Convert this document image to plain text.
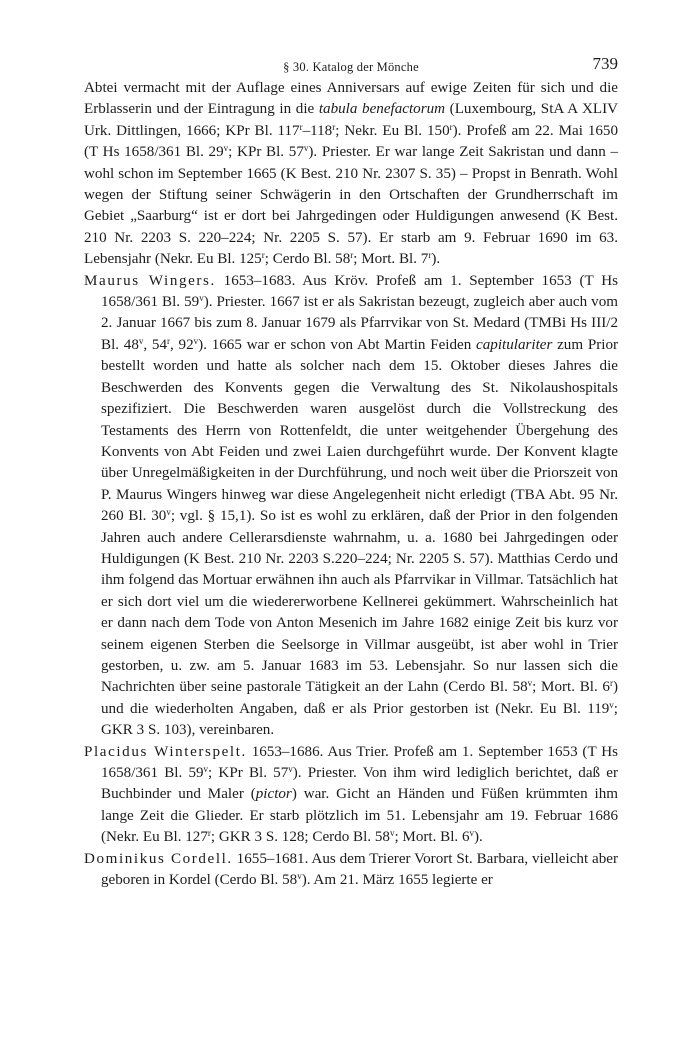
§ 30. Katalog der Mönche	739

Abtei vermacht mit der Auflage eines Anniversars auf ewige Zeiten für sich und die Erblasserin und der Eintragung in die tabula benefactorum (Luxembourg, StA A XLIV Urk. Dittlingen, 1666; KPr Bl. 117$^r$–118$^r$; Nekr. Eu Bl. 150$^r$). Profeß am 22. Mai 1650 (T Hs 1658/361 Bl. 29$^v$; KPr Bl. 57$^v$). Priester. Er war lange Zeit Sakristan und dann – wohl schon im September 1665 (K Best. 210 Nr. 2307 S. 35) – Propst in Benrath. Wohl wegen der Stiftung seiner Schwägerin in den Ortschaften der Grundherrschaft im Gebiet „Saarburg“ ist er dort bei Jahrgedingen oder Huldigungen anwesend (K Best. 210 Nr. 2203 S. 220–224; Nr. 2205 S. 57). Er starb am 9. Februar 1690 im 63. Lebensjahr (Nekr. Eu Bl. 125$^r$; Cerdo Bl. 58$^r$; Mort. Bl. 7$^r$).

Maurus Wingers. 1653–1683. Aus Kröv. Profeß am 1. September 1653 (T Hs 1658/361 Bl. 59$^v$). Priester. 1667 ist er als Sakristan bezeugt, zugleich aber auch vom 2. Januar 1667 bis zum 8. Januar 1679 als Pfarrvikar von St. Medard (TMBi Hs III/2 Bl. 48$^v$, 54$^r$, 92$^v$). 1665 war er schon von Abt Martin Feiden capitulariter zum Prior bestellt worden und hatte als solcher nach dem 15. Oktober dieses Jahres die Beschwerden des Konvents gegen die Verwaltung des St. Nikolaushospitals spezifiziert. Die Beschwerden waren ausgelöst durch die Vollstreckung des Testaments des Herrn von Rottenfeldt, die unter weitgehender Übergehung des Konvents von Abt Feiden und zwei Laien durchgeführt wurde. Der Konvent klagte über Unregelmäßigkeiten in der Durchführung, und noch weit über die Priorszeit von P. Maurus Wingers hinweg war diese Angelegenheit nicht erledigt (TBA Abt. 95 Nr. 260 Bl. 30$^v$; vgl. § 15,1). So ist es wohl zu erklären, daß der Prior in den folgenden Jahren auch andere Cellerarsdienste wahrnahm, u. a. 1680 bei Jahrgedingen oder Huldigungen (K Best. 210 Nr. 2203 S.220–224; Nr. 2205 S. 57). Matthias Cerdo und ihm folgend das Mortuar erwähnen ihn auch als Pfarrvikar in Villmar. Tatsächlich hat er sich dort viel um die wiedererworbene Kellnerei gekümmert. Wahrscheinlich hat er dann nach dem Tode von Anton Mesenich im Jahre 1682 einige Zeit bis kurz vor seinem eigenen Sterben die Seelsorge in Villmar ausgeübt, ist aber wohl in Trier gestorben, u. zw. am 5. Januar 1683 im 53. Lebensjahr. So nur lassen sich die Nachrichten über seine pastorale Tätigkeit an der Lahn (Cerdo Bl. 58$^v$; Mort. Bl. 6$^r$) und die wiederholten Angaben, daß er als Prior gestorben ist (Nekr. Eu Bl. 119$^v$; GKR 3 S. 103), vereinbaren.

Placidus Winterspelt. 1653–1686. Aus Trier. Profeß am 1. September 1653 (T Hs 1658/361 Bl. 59$^v$; KPr Bl. 57$^v$). Priester. Von ihm wird lediglich berichtet, daß er Buchbinder und Maler (pictor) war. Gicht an Händen und Füßen krümmten ihm lange Zeit die Glieder. Er starb plötzlich im 51. Lebensjahr am 19. Februar 1686 (Nekr. Eu Bl. 127$^r$; GKR 3 S. 128; Cerdo Bl. 58$^v$; Mort. Bl. 6$^v$).

Dominikus Cordell. 1655–1681. Aus dem Trierer Vorort St. Barbara, vielleicht aber geboren in Kordel (Cerdo Bl. 58$^v$). Am 21. März 1655 legierte er
